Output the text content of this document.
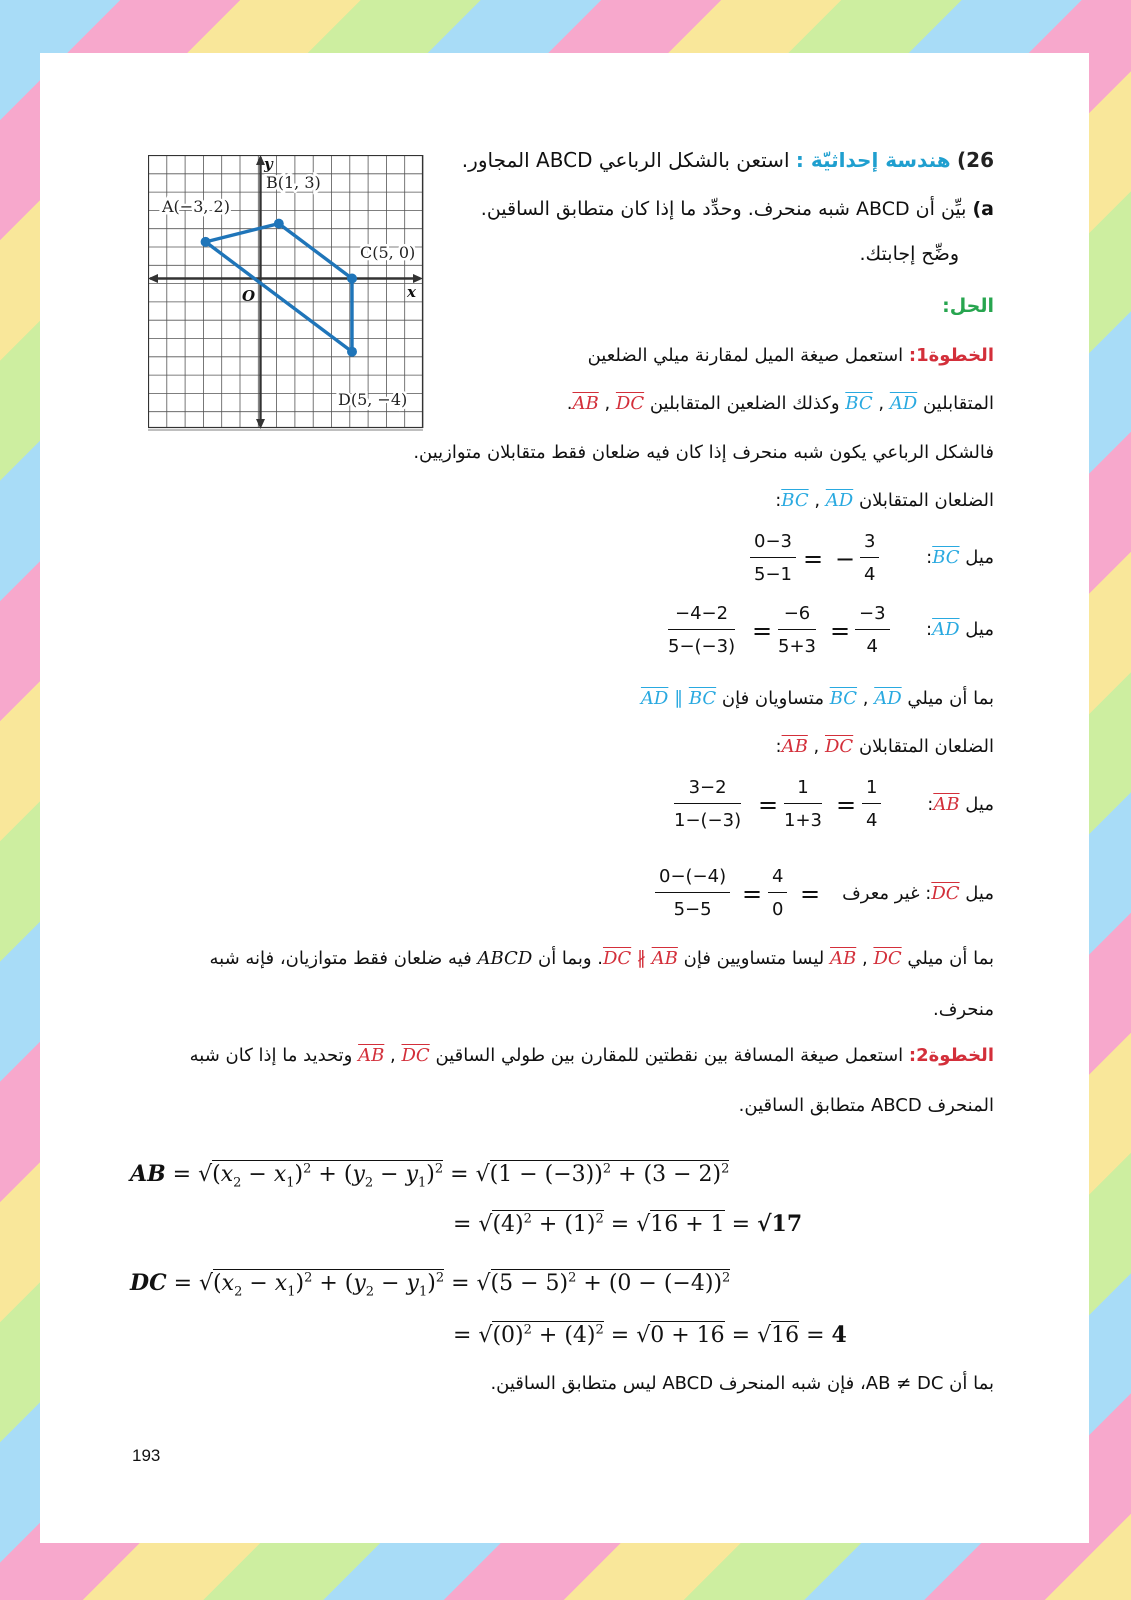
y
x
O
B(1, 3)
A(−3, 2)
C(5, 0)
D(5, −4)
26) هندسة إحداثيّة : استعن بالشكل الرباعي ABCD المجاور.
a) بيِّن أن ABCD شبه منحرف. وحدِّد ما إذا كان متطابق الساقين.
وضِّح إجابتك.
الحل:
الخطوة1: استعمل صيغة الميل لمقارنة ميلي الضلعين
المتقابلين BC , AD وكذلك الضلعين المتقابلين AB , DC.
فالشكل الرباعي يكون شبه منحرف إذا كان فيه ضلعان فقط متقابلان متوازيين.
الضلعان المتقابلان BC , AD:
ميل BC:
$\frac{0-3}{5-1}$ = − $\frac{3}{4}$
ميل AD:
$\frac{-4-2}{5-(-3)} = \frac{-6}{5+3} = \frac{-3}{4}$
بما أن ميلي BC , AD متساويان فإن AD ∥ BC
الضلعان المتقابلان AB , DC:
ميل AB:
$\frac{3-2}{1-(-3)} = \frac{1}{1+3} = \frac{1}{4}$
ميل DC: غير معرف
$\frac{0-(-4)}{5-5} = \frac{4}{0}$ =
بما أن ميلي AB , DC ليسا متساويين فإن DC ∦ AB. وبما أن ABCD فيه ضلعان فقط متوازيان، فإنه شبه
منحرف.
الخطوة2: استعمل صيغة المسافة بين نقطتين للمقارن بين طولي الساقين AB , DC وتحديد ما إذا كان شبه
المنحرف ABCD متطابق الساقين.
AB = $√(x_2 - x_1)^2 + (y_2 - y_1)^2 = √(1 - (-3))^2 + (3 - 2)^2$
= $√(4)^2 + (1)^2 = √16 + 1 = √17$
DC = $√(x_2 - x_1)^2 + (y_2 - y_1)^2 = √(5 - 5)^2 + (0 - (-4))^2$
= $√(0)^2 + (4)^2 = √0 + 16 = √16 = 4$
بما أن AB ≠ DC، فإن شبه المنحرف ABCD ليس متطابق الساقين.
193
